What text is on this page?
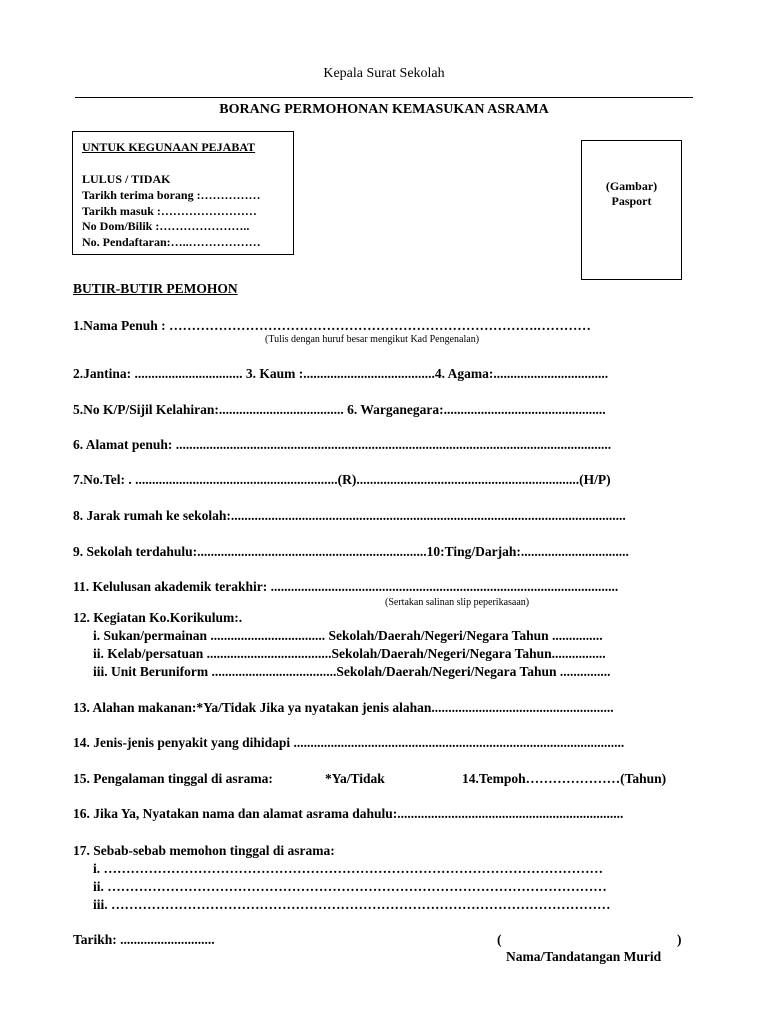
Kepala Surat Sekolah
BORANG PERMOHONAN KEMASUKAN ASRAMA
UNTUK KEGUNAAN PEJABAT
LULUS / TIDAK
Tarikh terima borang :……………
Tarikh masuk :……………………
No Dom/Bilik :…………………..
No. Pendaftaran:…..………………
(Gambar)
Pasport
BUTIR-BUTIR PEMOHON
1.Nama Penuh : ……………………………………………………………………….…………
(Tulis dengan huruf besar mengikut Kad Pengenalan)
2.Jantina: ................................ 3. Kaum :.......................................4. Agama:..................................
5.No K/P/Sijil Kelahiran:..................................... 6. Warganegara:................................................
6. Alamat penuh: .................................................................................................................................
7.No.Tel: . ............................................................(R)..................................................................(H/P)
8. Jarak rumah ke sekolah:.....................................................................................................................
9. Sekolah terdahulu:....................................................................10:Ting/Darjah:................................
11. Kelulusan akademik terakhir: .......................................................................................................
(Sertakan salinan slip peperikasaan)
12. Kegiatan Ko.Korikulum:.
i. Sukan/permainan .................................. Sekolah/Daerah/Negeri/Negara Tahun ...............
ii. Kelab/persatuan .....................................Sekolah/Daerah/Negeri/Negara Tahun................
iii. Unit Beruniform .....................................Sekolah/Daerah/Negeri/Negara Tahun ...............
13. Alahan makanan:*Ya/Tidak Jika ya nyatakan jenis alahan......................................................
14. Jenis-jenis penyakit yang dihidapi ..................................................................................................
15. Pengalaman tinggal di asrama:	*Ya/Tidak	14.Tempoh…………………(Tahun)
16. Jika Ya, Nyatakan nama dan alamat asrama dahulu:...................................................................
17. Sebab-sebab memohon tinggal di asrama:
i. …………………………………………………………………………………………………
ii. …………………………………………………………………………………………………
iii. …………………………………………………………………………………………………
Tarikh: ............................	(	)
Nama/Tandatangan Murid
